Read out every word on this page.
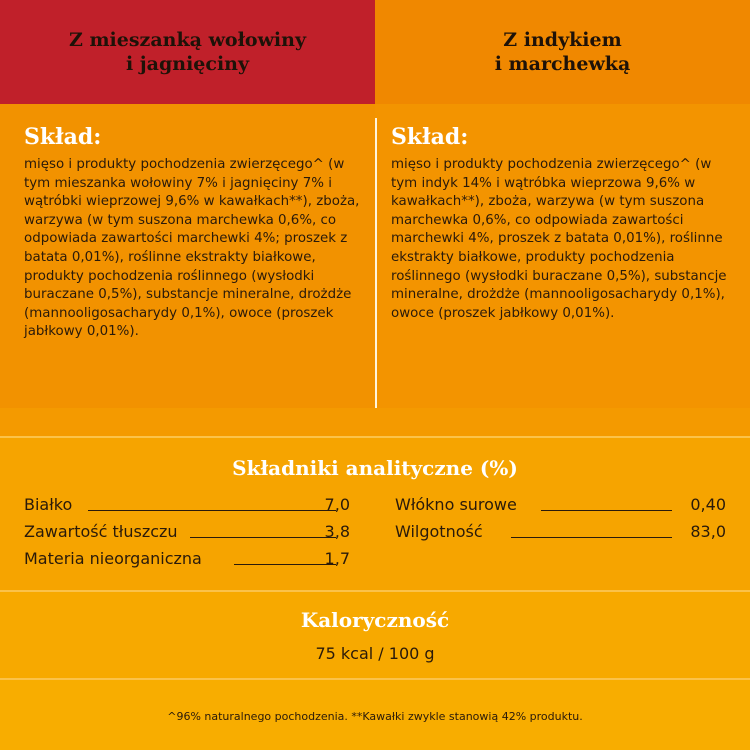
Z mieszanką wołowiny
i jagnięciny
Z indykiem
i marchewką
Skład:
mięso i produkty pochodzenia zwierzęcego^ (w tym mieszanka wołowiny 7% i jagnięciny 7% i wątróbki wieprzowej 9,6% w kawałkach**), zboża, warzywa (w tym suszona marchewka 0,6%, co odpowiada zawartości marchewki 4%; proszek z batata 0,01%), roślinne ekstrakty białkowe, produkty pochodzenia roślinnego (wysłodki buraczane 0,5%), substancje mineralne, drożdże (mannooligosacharydy 0,1%), owoce (proszek jabłkowy 0,01%).
Skład:
mięso i produkty pochodzenia zwierzęcego^ (w tym indyk 14% i wątróbka wieprzowa 9,6% w kawałkach**), zboża, warzywa (w tym suszona marchewka 0,6%, co odpowiada zawartości marchewki 4%, proszek z batata 0,01%), roślinne ekstrakty białkowe, produkty pochodzenia roślinnego (wysłodki buraczane 0,5%), substancje mineralne, drożdże (mannooligosacharydy 0,1%), owoce (proszek jabłkowy 0,01%).
Składniki analityczne (%)
Białko	7,0
Zawartość tłuszczu	3,8
Materia nieorganiczna	1,7
Włókno surowe	0,40
Wilgotność	83,0
Kaloryczność
75 kcal / 100 g
^96% naturalnego pochodzenia. **Kawałki zwykle stanowią 42% produktu.
